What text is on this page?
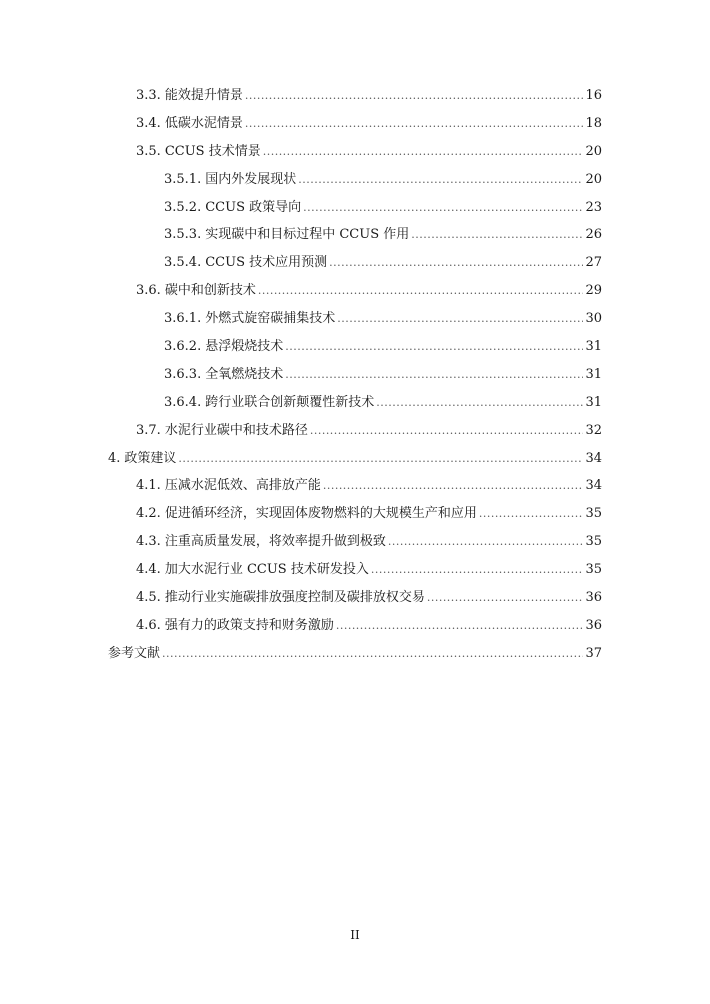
3.3. 能效提升情景 .....	16
3.4. 低碳水泥情景 .....	18
3.5. CCUS 技术情景 .....	20
3.5.1. 国内外发展现状 .....	20
3.5.2. CCUS 政策导向 .....	23
3.5.3. 实现碳中和目标过程中 CCUS 作用 .....	26
3.5.4. CCUS 技术应用预测 .....	27
3.6. 碳中和创新技术 .....	29
3.6.1. 外燃式旋窑碳捕集技术 .....	30
3.6.2. 悬浮煅烧技术 .....	31
3.6.3. 全氧燃烧技术 .....	31
3.6.4. 跨行业联合创新颠覆性新技术 .....	31
3.7. 水泥行业碳中和技术路径 .....	32
4. 政策建议 .....	34
4.1. 压减水泥低效、高排放产能 .....	34
4.2. 促进循环经济，实现固体废物燃料的大规模生产和应用 .....	35
4.3. 注重高质量发展，将效率提升做到极致 .....	35
4.4. 加大水泥行业 CCUS 技术研发投入 .....	35
4.5. 推动行业实施碳排放强度控制及碳排放权交易 .....	36
4.6. 强有力的政策支持和财务激励 .....	36
参考文献 .....	37
II
